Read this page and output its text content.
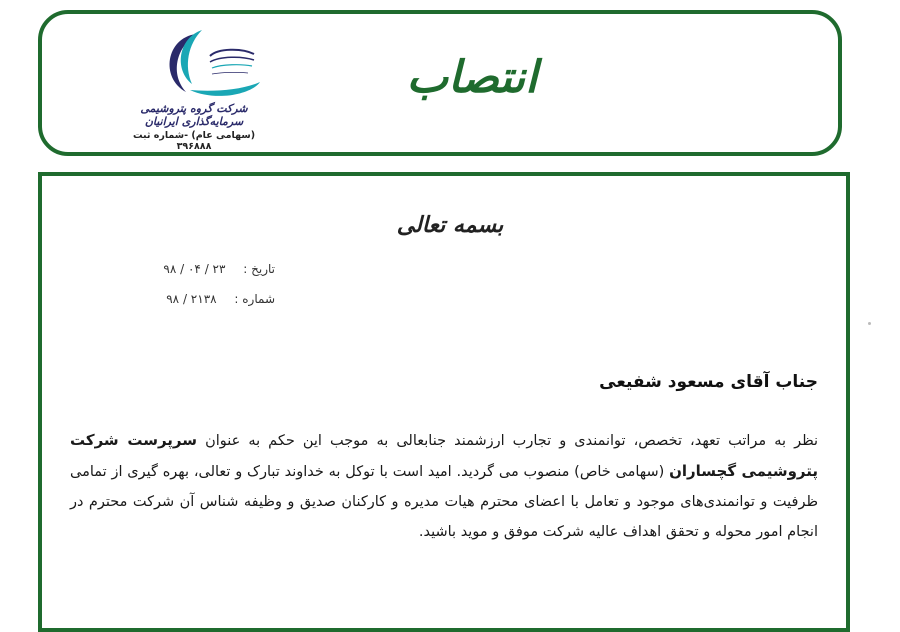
شرکت گروه پتروشیمی سرمایه‌گذاری ایرانیان
(سهامی عام) -شماره ثبت ۳۹۶۸۸۸
انتصاب
بسمه تعالی
تاریخ : ۲۳ / ۰۴ / ۹۸
شماره : ۲۱۳۸ / ۹۸
جناب آقای مسعود شفیعی
نظر به مراتب تعهد، تخصص، توانمندی و تجارب ارزشمند جنابعالی به موجب این حکم به عنوان سرپرست شرکت پتروشیمی گچساران (سهامی خاص) منصوب می گردید. امید است با توکل به خداوند تبارک و تعالی، بهره گیری از تمامی ظرفیت و توانمندی‌های موجود و تعامل با اعضای محترم هیات مدیره و کارکنان صدیق و وظیفه شناس آن شرکت محترم در انجام امور محوله و تحقق اهداف عالیه شرکت موفق و موید باشید.
